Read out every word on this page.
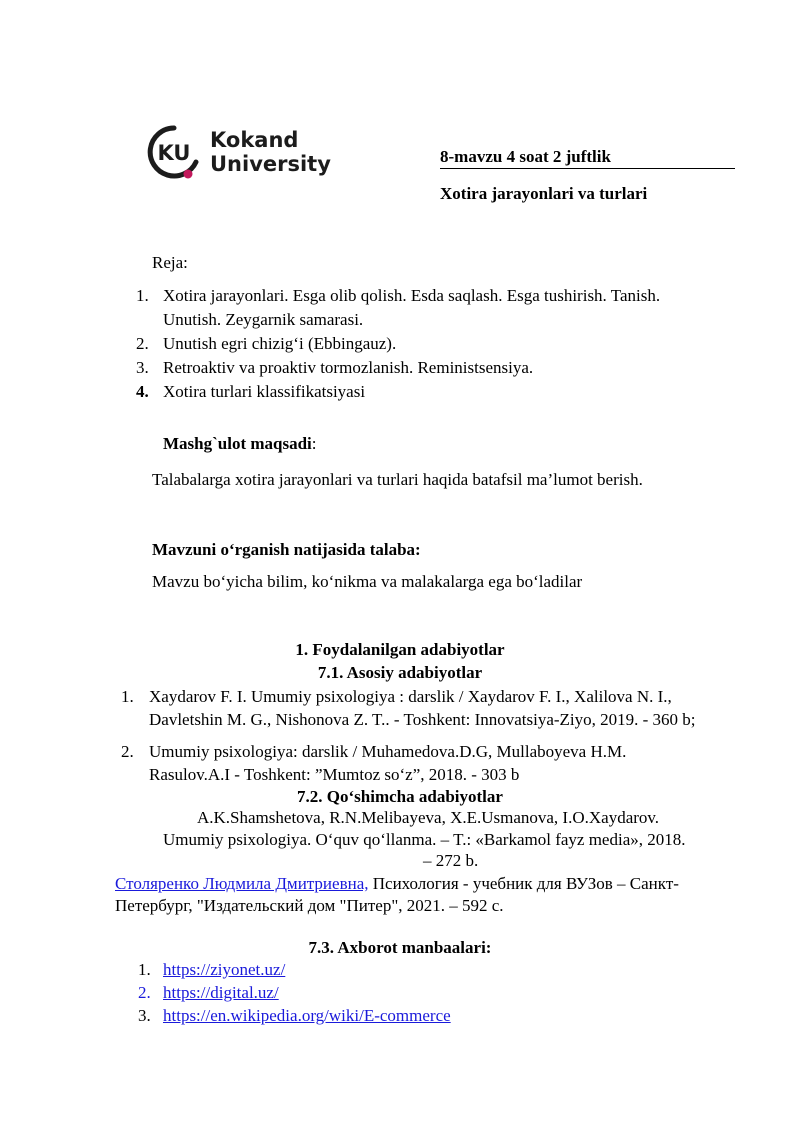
KU
Kokand
University	8-mavzu 4 soat 2 juftlik
Xotira jarayonlari va turlari
Reja:
1. Xotira jarayonlari. Esga olib qolish. Esda saqlash. Esga tushirish. Tanish.
Unutish. Zeygarnik samarasi.
2. Unutish egri chizig‘i (Ebbingauz).
3. Retroaktiv va proaktiv tormozlanish. Reministsensiya.
4. Xotira turlari klassifikatsiyasi
Mashg`ulot maqsadi:
Talabalarga xotira jarayonlari va turlari haqida batafsil ma’lumot berish.
Mavzuni o‘rganish natijasida talaba:
Mavzu bo‘yicha bilim, ko‘nikma va malakalarga ega bo‘ladilar
1. Foydalanilgan adabiyotlar
7.1. Asosiy adabiyotlar
1. Xaydarov F. I. Umumiy psixologiya : darslik / Xaydarov F. I., Xalilova N. I.,
Davletshin M. G., Nishonova Z. T.. - Toshkent: Innovatsiya-Ziyo, 2019. - 360 b;
2. Umumiy psixologiya: darslik / Muhamedova.D.G, Mullaboyeva H.M.
Rasulov.A.I - Toshkent: ”Mumtoz so‘z”, 2018. - 303 b
7.2. Qo‘shimcha adabiyotlar
A.K.Shamshetova, R.N.Melibayeva, X.E.Usmanova, I.O.Xaydarov.
Umumiy psixologiya. O‘quv qo‘llanma. – T.: «Barkamol fayz media», 2018.
– 272 b.
Столяренко Людмила Дмитриевна, Психология - учебник для ВУЗов – Санкт-
Петербург, "Издательский дом "Питер", 2021. – 592 с.
7.3. Axborot manbaalari:
1. https://ziyonet.uz/
2. https://digital.uz/
3. https://en.wikipedia.org/wiki/E-commerce
